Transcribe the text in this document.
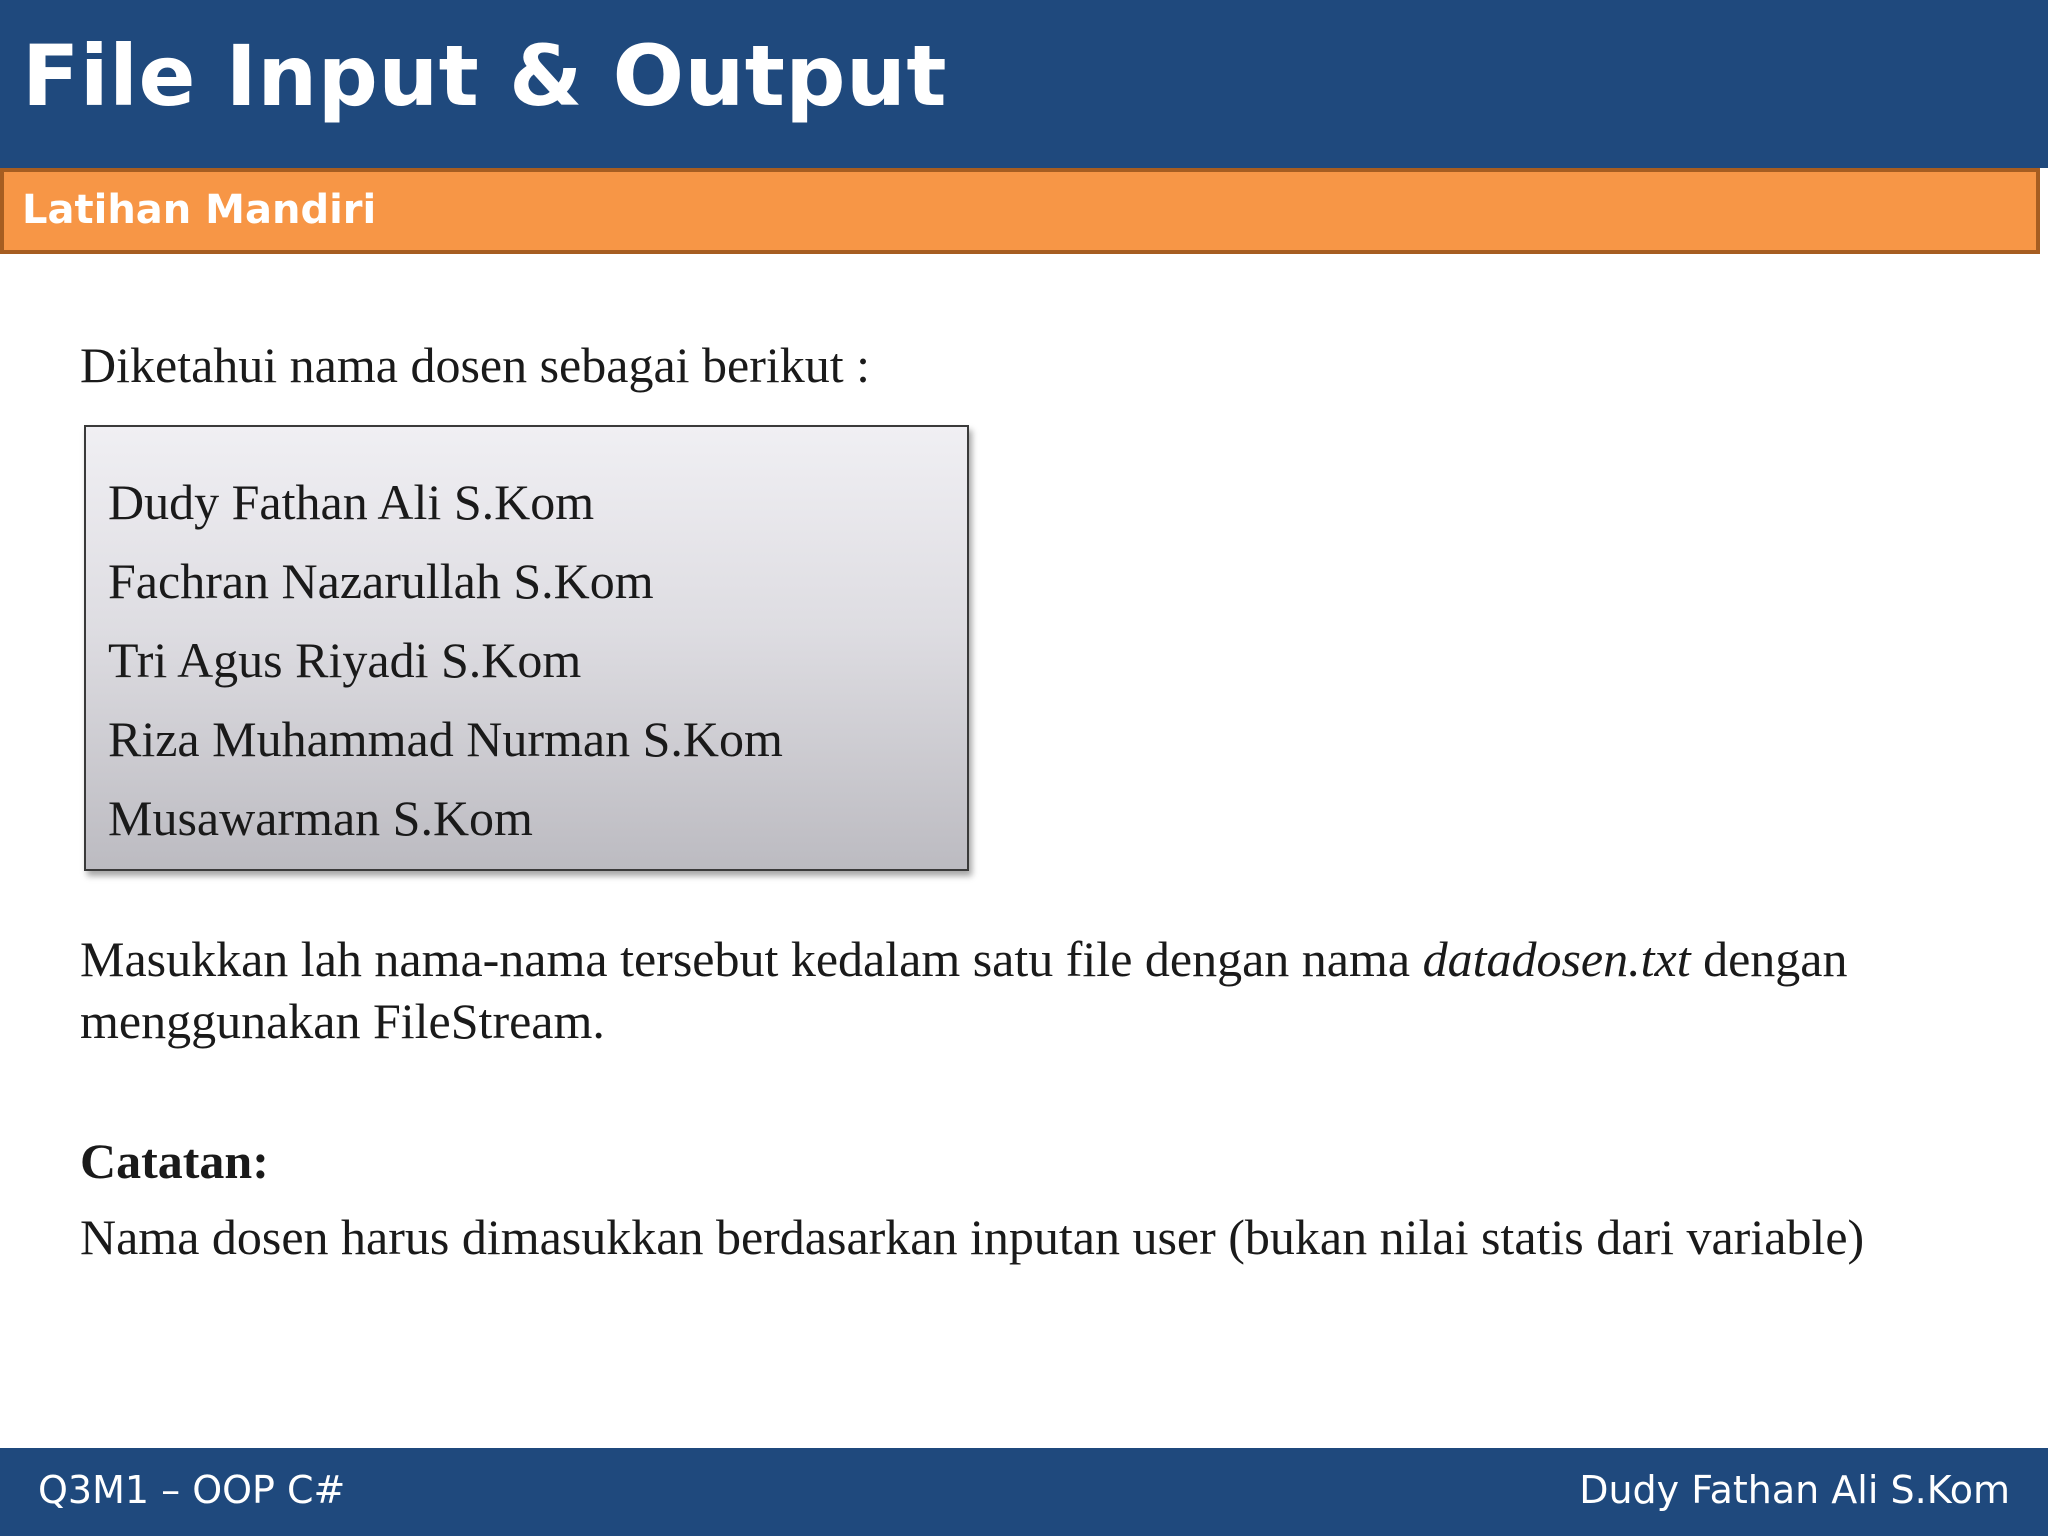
File Input & Output
Latihan Mandiri
Diketahui nama dosen sebagai berikut :
Dudy Fathan Ali S.Kom
Fachran Nazarullah S.Kom
Tri Agus Riyadi S.Kom
Riza Muhammad Nurman S.Kom
Musawarman S.Kom
Masukkan lah nama-nama tersebut kedalam satu file dengan nama datadosen.txt dengan menggunakan FileStream.
Catatan:
Nama dosen harus dimasukkan berdasarkan inputan user (bukan nilai statis dari variable)
Q3M1 – OOP C#	Dudy Fathan Ali S.Kom
